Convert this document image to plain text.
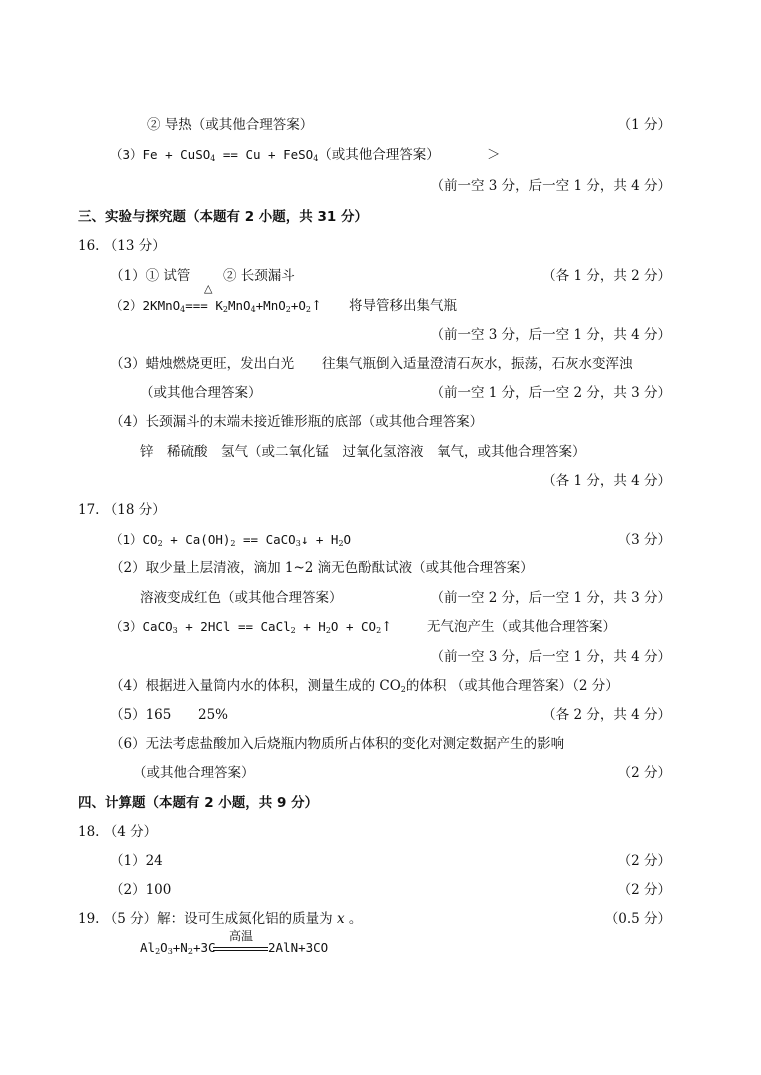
② 导热（或其他合理答案）	（1 分）
（3）Fe + CuSO$_4$ == Cu + FeSO$_4$（或其他合理答案）	＞
（前一空 3 分，后一空 1 分，共 4 分）
三、实验与探究题（本题有 2 小题，共 31 分）
16. （13 分）
（1）① 试管 ② 长颈漏斗	（各 1 分，共 2 分）
△
（2）2KMnO$_4$=== $K_2MnO_4+MnO_2+O_2↑$ 将导管移出集气瓶
（前一空 3 分，后一空 1 分，共 4 分）
（3）蜡烛燃烧更旺，发出白光 往集气瓶倒入适量澄清石灰水，振荡，石灰水变浑浊
（或其他合理答案）	（前一空 1 分，后一空 2 分，共 3 分）
（4）长颈漏斗的末端未接近锥形瓶的底部（或其他合理答案）
锌　稀硫酸　氢气（或二氧化锰　过氧化氢溶液　氧气，或其他合理答案）
（各 1 分，共 4 分）
17. （18 分）
$(1)CO_2 + Ca(OH)_2$ == CaCO$_3$↓ + $H_2O$	（3 分）
（2）取少量上层清液，滴加 1~2 滴无色酚酞试液（或其他合理答案）
溶液变成红色（或其他合理答案）	（前一空 2 分，后一空 1 分，共 3 分）
（3）CaCO$_3$ + 2HCl == CaCl$_2$ + $H_2O$ + $CO_2↑$	无气泡产生（或其他合理答案）
（前一空 3 分，后一空 1 分，共 4 分）
（4）根据进入量筒内水的体积，测量生成的 $CO_2$的体积 （或其他合理答案）（2 分）
（5）165 25%	（各 2 分，共 4 分）
（6）无法考虑盐酸加入后烧瓶内物质所占体积的变化对测定数据产生的影响
（或其他合理答案）	（2 分）
四、计算题（本题有 2 小题，共 9 分）
18. （4 分）
（1）24	（2 分）
（2）100	（2 分）
19. （5 分）解：设可生成氮化铝的质量为 x 。	（0.5 分）
高温
$Al_2O_3+N_2+3C$	2AlN+3CO
